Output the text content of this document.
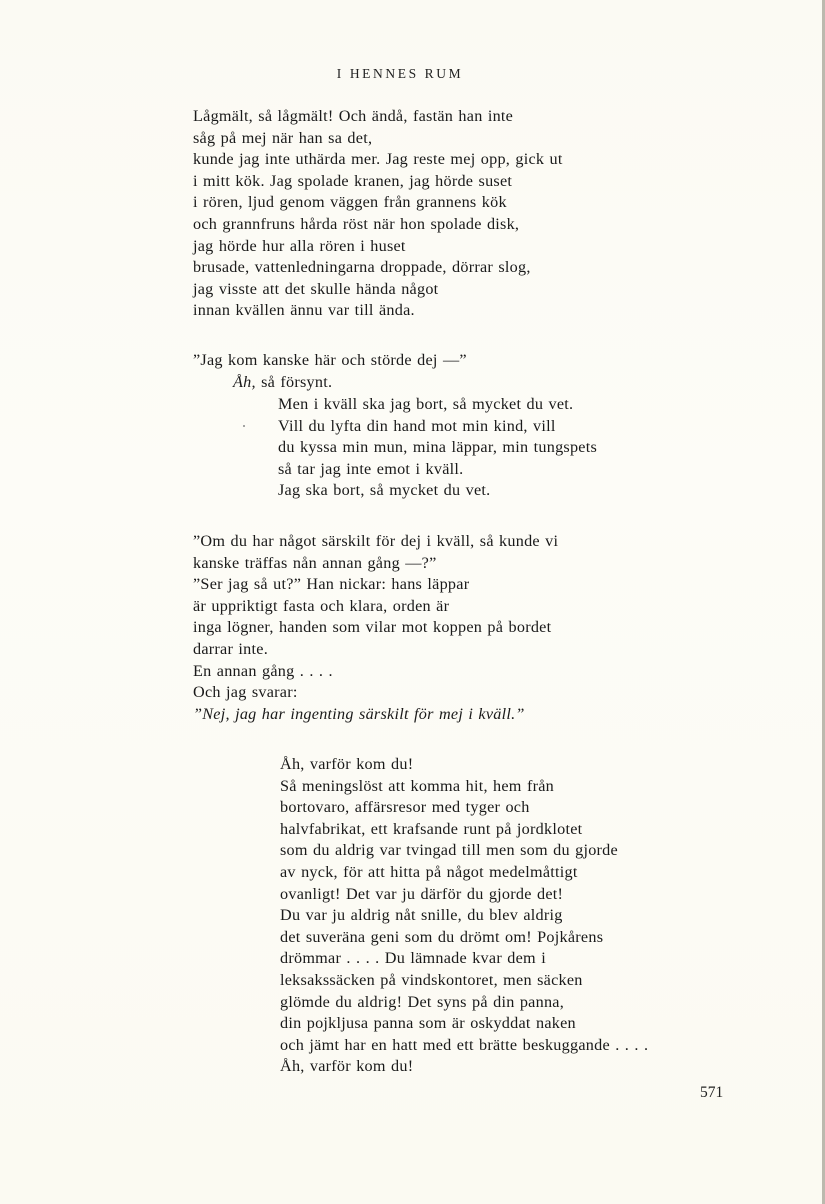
I HENNES RUM
Lågmält, så lågmält! Och ändå, fastän han inte
såg på mej när han sa det,
kunde jag inte uthärda mer. Jag reste mej opp, gick ut
i mitt kök. Jag spolade kranen, jag hörde suset
i rören, ljud genom väggen från grannens kök
och grannfruns hårda röst när hon spolade disk,
jag hörde hur alla rören i huset
brusade, vattenledningarna droppade, dörrar slog,
jag visste att det skulle hända något
innan kvällen ännu var till ända.
”Jag kom kanske här och störde dej —”
Åh, så försynt.
Men i kväll ska jag bort, så mycket du vet.
Vill du lyfta din hand mot min kind, vill
du kyssa min mun, mina läppar, min tungspets
så tar jag inte emot i kväll.
Jag ska bort, så mycket du vet.
”Om du har något särskilt för dej i kväll, så kunde vi
kanske träffas nån annan gång —?”
”Ser jag så ut?” Han nickar: hans läppar
är uppriktigt fasta och klara, orden är
inga lögner, handen som vilar mot koppen på bordet
darrar inte.
En annan gång . . . .
Och jag svarar:
”Nej, jag har ingenting särskilt för mej i kväll.”
Åh, varför kom du!
Så meningslöst att komma hit, hem från
bortovaro, affärsresor med tyger och
halvfabrikat, ett krafsande runt på jordklotet
som du aldrig var tvingad till men som du gjorde
av nyck, för att hitta på något medelmåttigt
ovanligt! Det var ju därför du gjorde det!
Du var ju aldrig nåt snille, du blev aldrig
det suveräna geni som du drömt om! Pojkårens
drömmar . . . . Du lämnade kvar dem i
leksakssäcken på vindskontoret, men säcken
glömde du aldrig! Det syns på din panna,
din pojkljusa panna som är oskyddat naken
och jämt har en hatt med ett brätte beskuggande . . . .
Åh, varför kom du!
571
